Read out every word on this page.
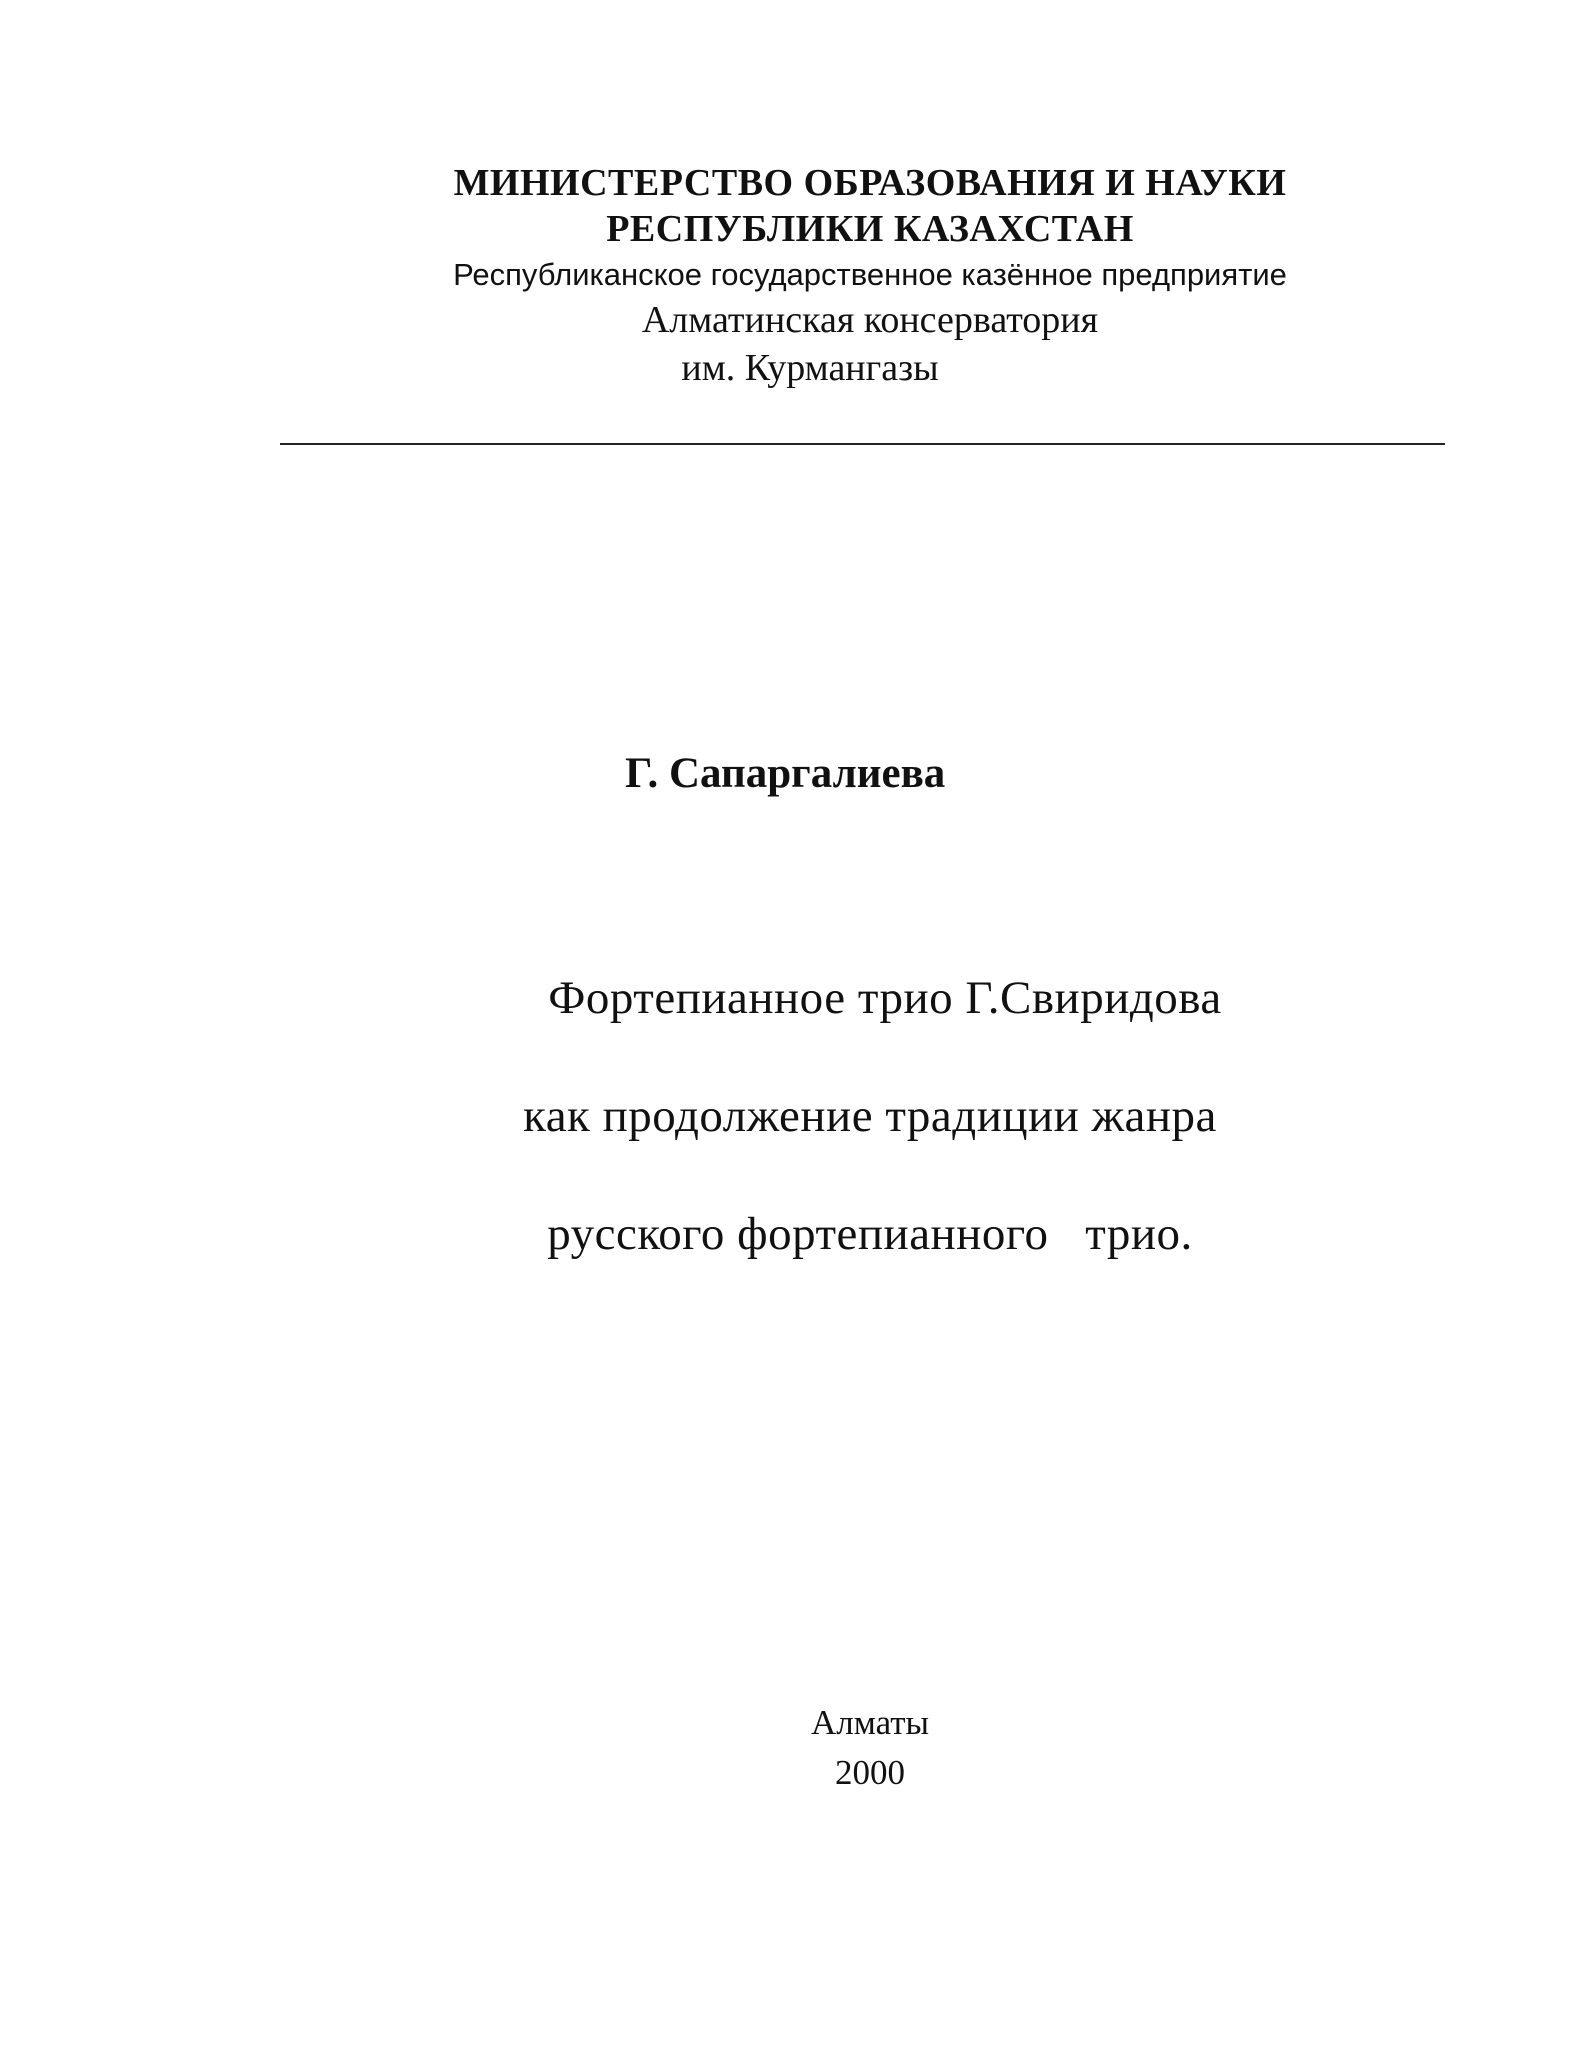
МИНИСТЕРСТВО ОБРАЗОВАНИЯ И НАУКИ
РЕСПУБЛИКИ КАЗАХСТАН
Республиканское государственное казённое предприятие
Алматинская консерватория
им. Курмангазы
Г. Сапаргалиева
Фортепианное трио Г.Свиридова
как продолжение традиции жанра
русского фортепианного   трио.
Алматы
2000
